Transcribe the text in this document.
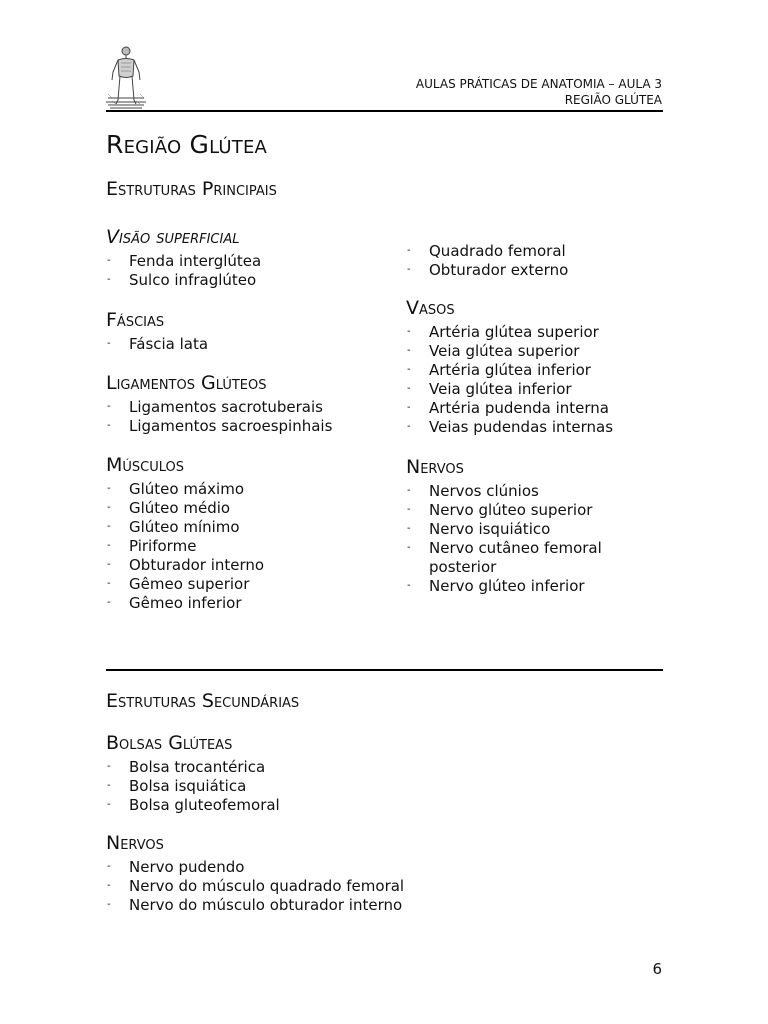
AULAS PRÁTICAS DE ANATOMIA – AULA 3
REGIÃO GLÚTEA
Região Glútea
Estruturas Principais
Visão superficial
- Fenda interglútea
- Sulco infraglúteo
Fáscias
- Fáscia lata
Ligamentos Glúteos
- Ligamentos sacrotuberais
- Ligamentos sacroespinhais
Músculos
- Glúteo máximo
- Glúteo médio
- Glúteo mínimo
- Piriforme
- Obturador interno
- Gêmeo superior
- Gêmeo inferior
- Quadrado femoral
- Obturador externo
Vasos
- Artéria glútea superior
- Veia glútea superior
- Artéria glútea inferior
- Veia glútea inferior
- Artéria pudenda interna
- Veias pudendas internas
Nervos
- Nervos clúnios
- Nervo glúteo superior
- Nervo isquiático
- Nervo cutâneo femoral posterior
- Nervo glúteo inferior
Estruturas Secundárias
Bolsas Glúteas
- Bolsa trocantérica
- Bolsa isquiática
- Bolsa gluteofemoral
Nervos
- Nervo pudendo
- Nervo do músculo quadrado femoral
- Nervo do músculo obturador interno
6
